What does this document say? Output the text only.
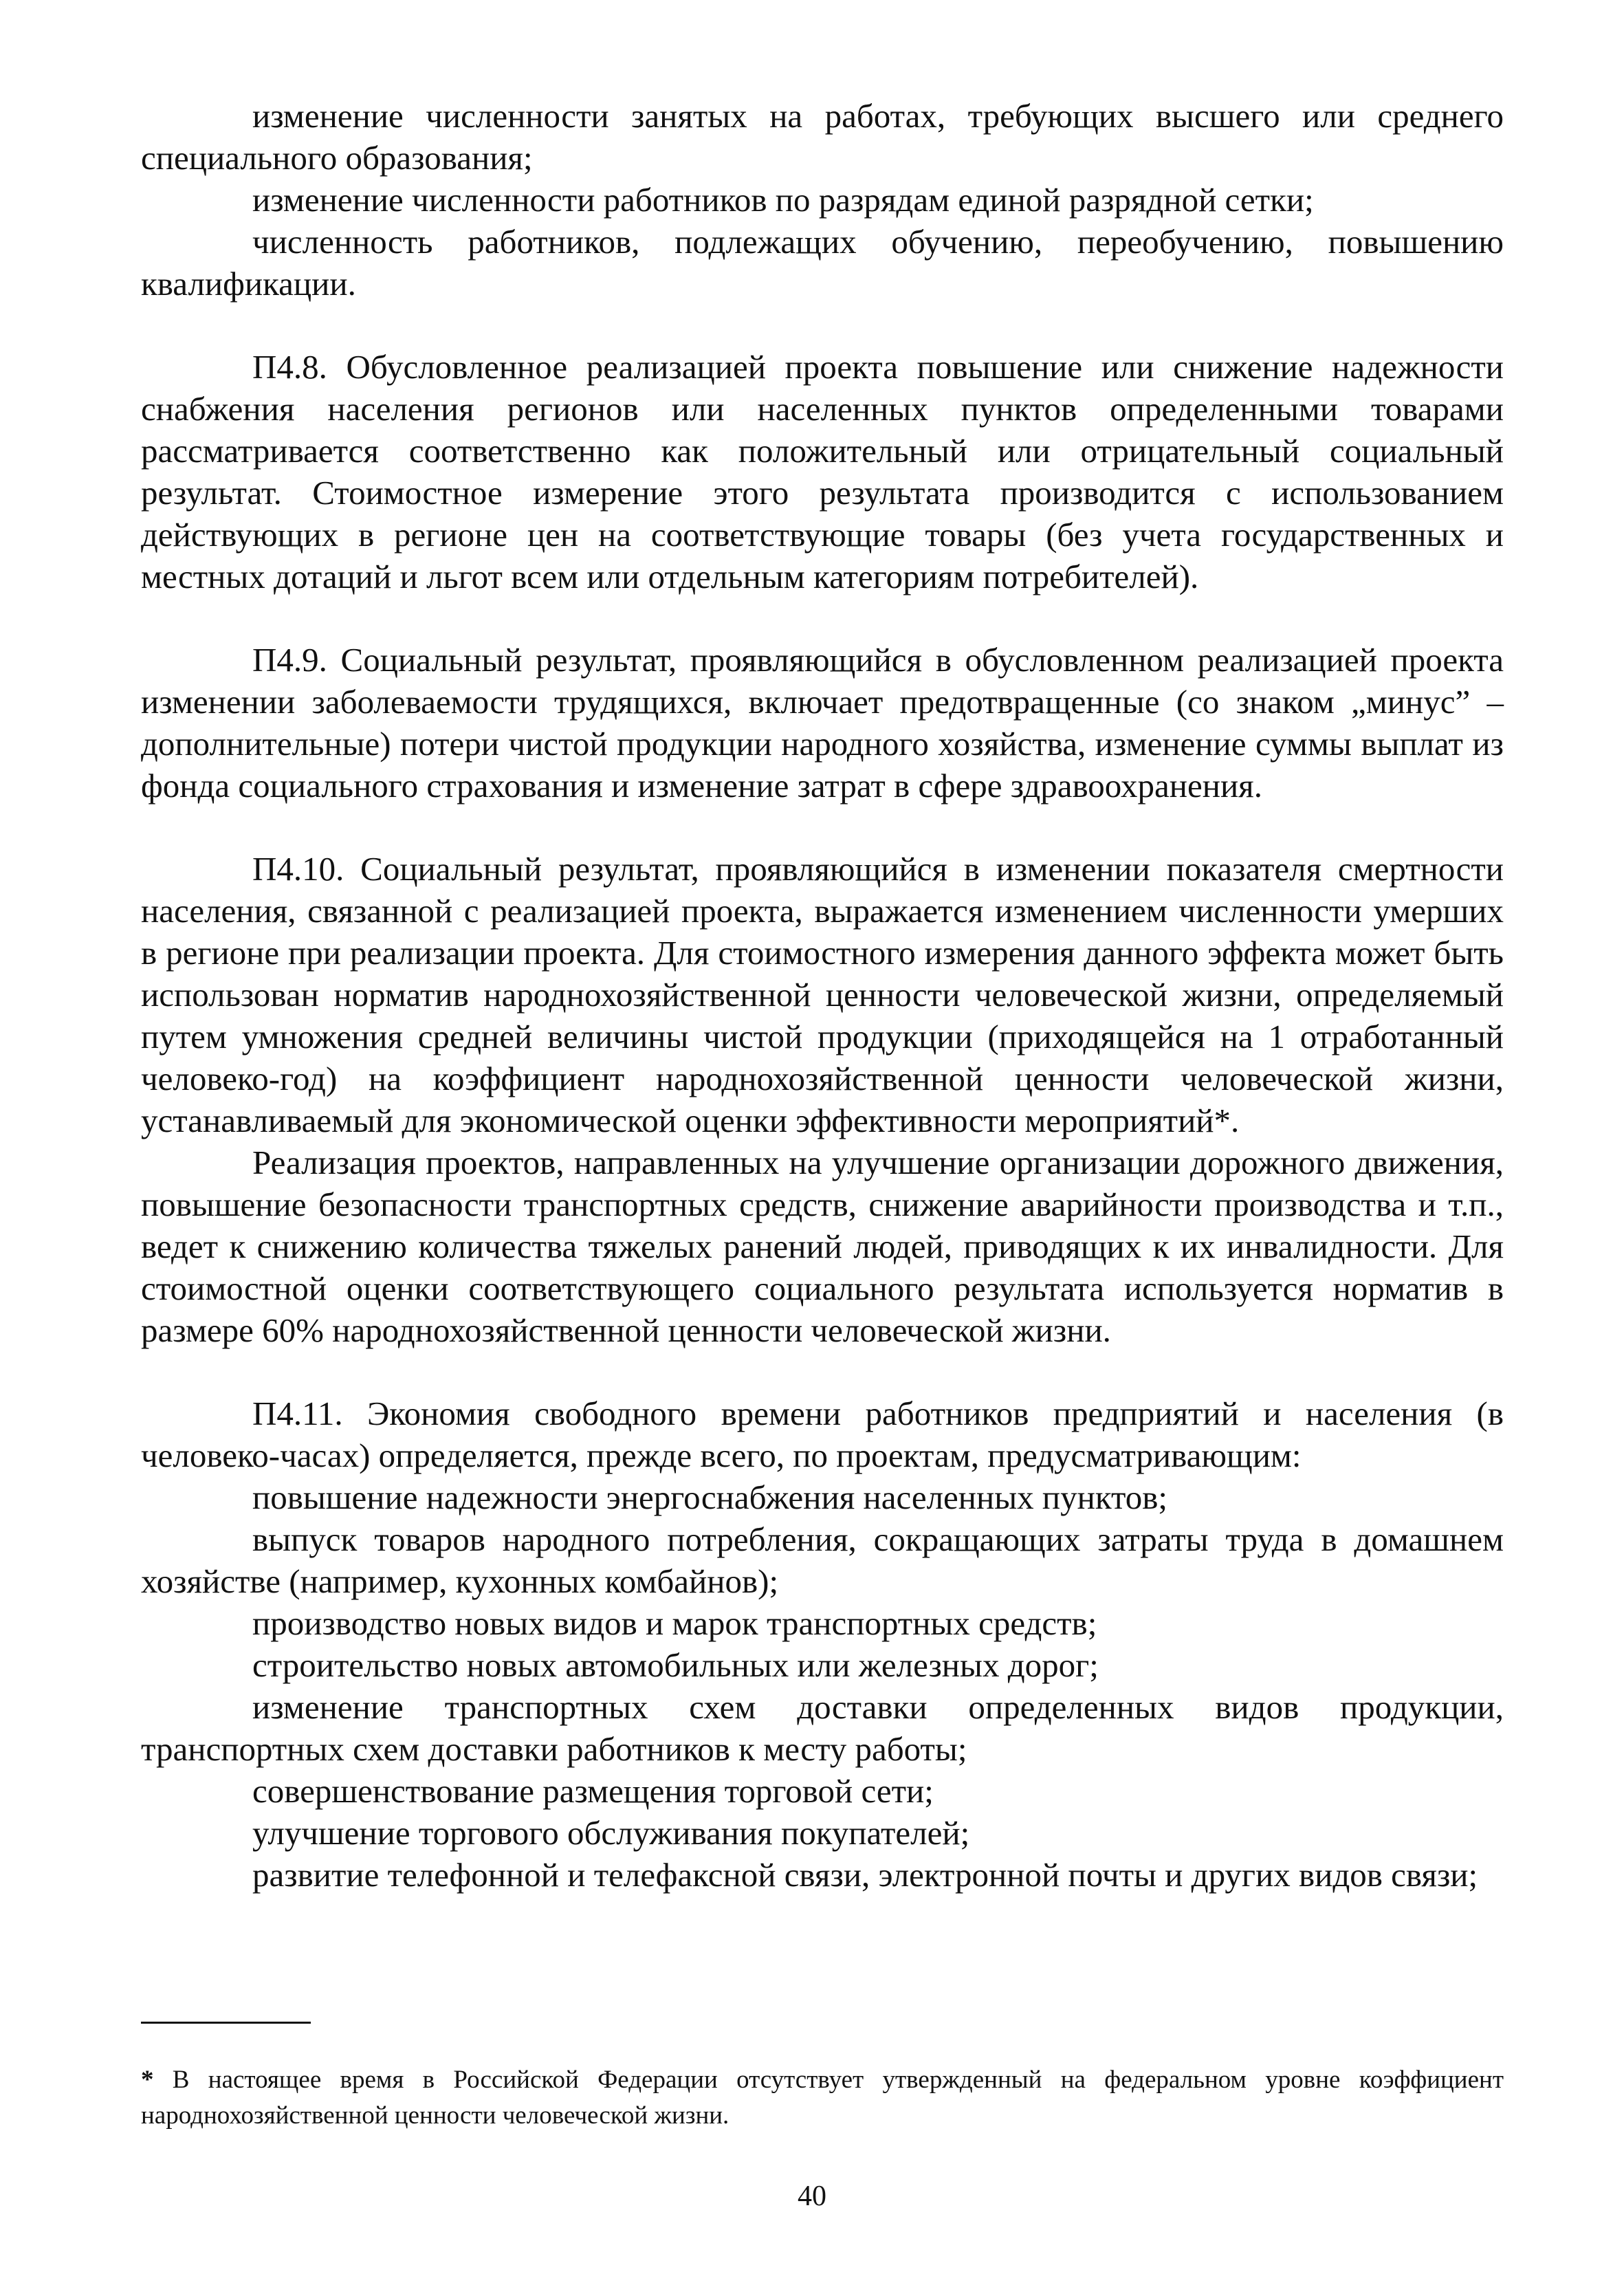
изменение численности занятых на работах, требующих высшего или среднего специального образования;

изменение численности работников по разрядам единой разрядной сетки;

численность работников, подлежащих обучению, переобучению, повышению квалификации.

П4.8. Обусловленное реализацией проекта повышение или снижение надежности снабжения населения регионов или населенных пунктов определенными товарами рассматривается соответственно как положительный или отрицательный социальный результат. Стоимостное измерение этого результата производится с использованием действующих в регионе цен на соответствующие товары (без учета государственных и местных дотаций и льгот всем или отдельным категориям потребителей).

П4.9. Социальный результат, проявляющийся в обусловленном реализацией проекта изменении заболеваемости трудящихся, включает предотвращенные (со знаком „минус” – дополнительные) потери чистой продукции народного хозяйства, изменение суммы выплат из фонда социального страхования и изменение затрат в сфере здравоохранения.

П4.10. Социальный результат, проявляющийся в изменении показателя смертности населения, связанной с реализацией проекта, выражается изменением численности умерших в регионе при реализации проекта. Для стоимостного измерения данного эффекта может быть использован норматив народнохозяйственной ценности человеческой жизни, определяемый путем умножения средней величины чистой продукции (приходящейся на 1 отработанный человеко-год) на коэффициент народнохозяйственной ценности человеческой жизни, устанавливаемый для экономической оценки эффективности мероприятий*.

Реализация проектов, направленных на улучшение организации дорожного движения, повышение безопасности транспортных средств, снижение аварийности производства и т.п., ведет к снижению количества тяжелых ранений людей, приводящих к их инвалидности. Для стоимостной оценки соответствующего социального результата используется норматив в размере 60% народнохозяйственной ценности человеческой жизни.

П4.11. Экономия свободного времени работников предприятий и населения (в человеко-часах) определяется, прежде всего, по проектам, предусматривающим:

повышение надежности энергоснабжения населенных пунктов;

выпуск товаров народного потребления, сокращающих затраты труда в домашнем хозяйстве (например, кухонных комбайнов);

производство новых видов и марок транспортных средств;

строительство новых автомобильных или железных дорог;

изменение транспортных схем доставки определенных видов продукции, транспортных схем доставки работников к месту работы;

совершенствование размещения торговой сети;

улучшение торгового обслуживания покупателей;

развитие телефонной и телефаксной связи, электронной почты и других видов связи;

* В настоящее время в Российской Федерации отсутствует утвержденный на федеральном уровне коэффициент народнохозяйственной ценности человеческой жизни.

40
